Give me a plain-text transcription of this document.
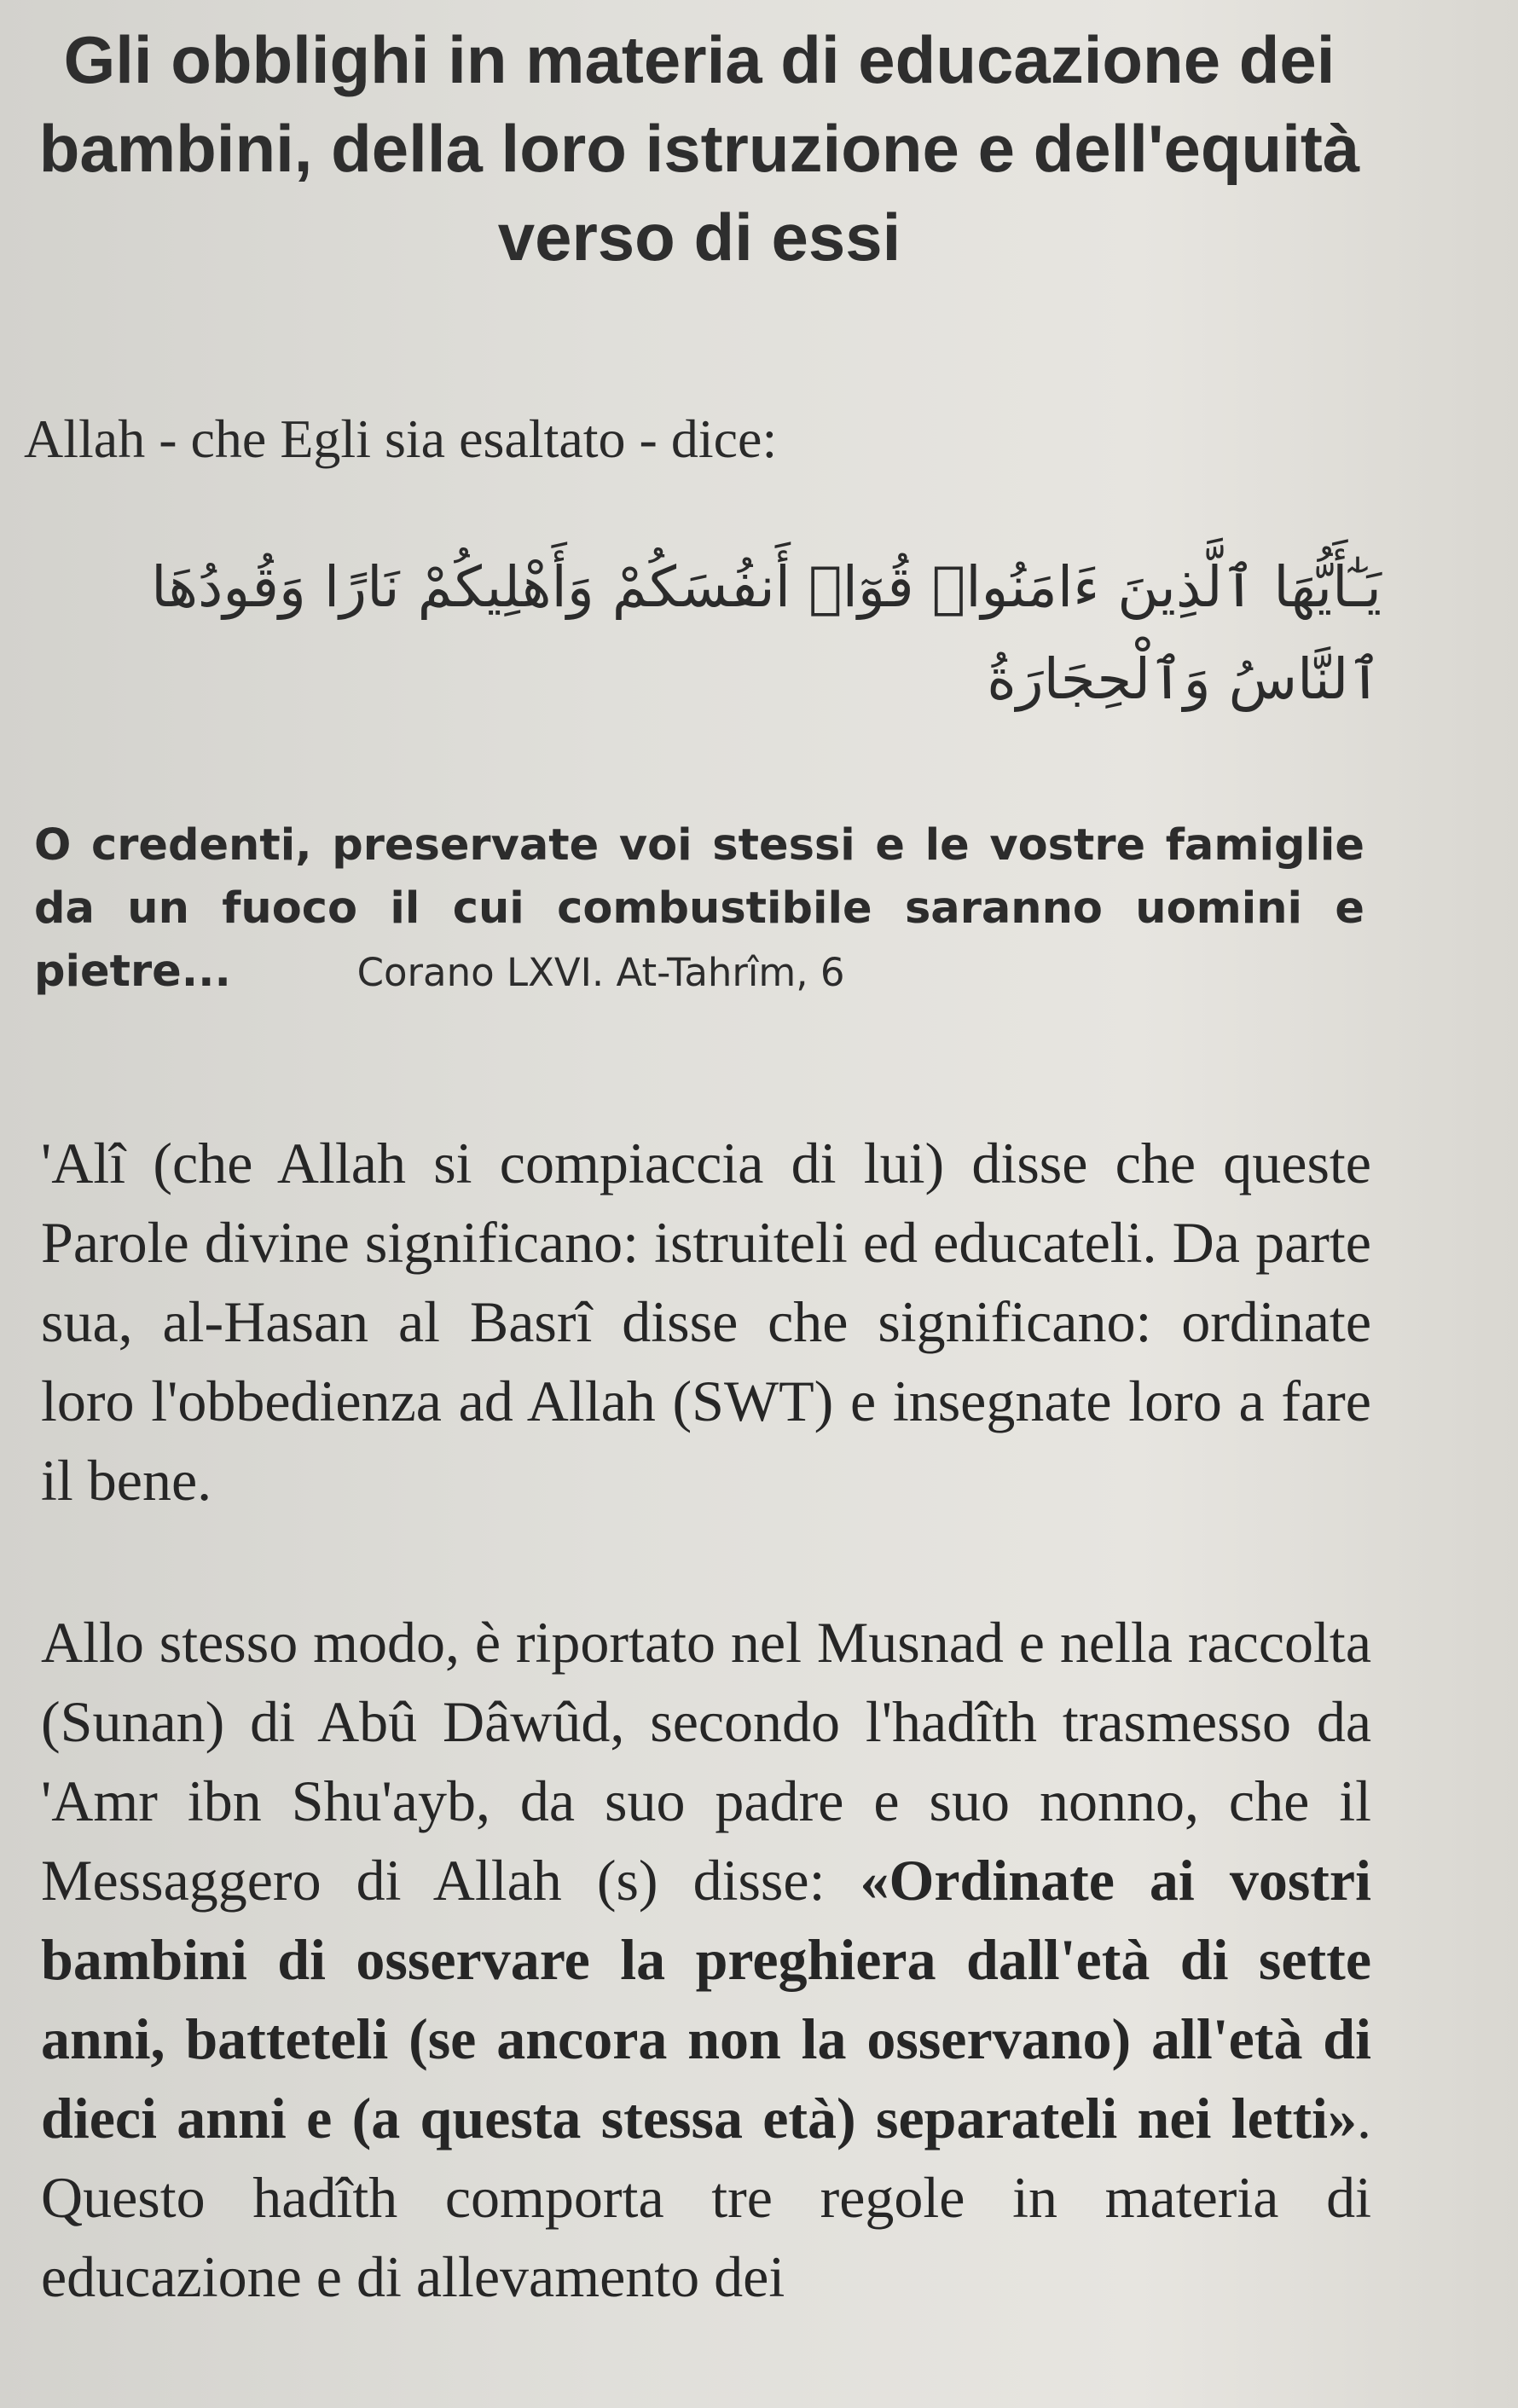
Gli obblighi in materia di educazione dei bambini, della loro istruzione e dell'equità verso di essi
Allah - che Egli sia esaltato - dice:
يَـٰٓأَيُّهَا ٱلَّذِينَ ءَامَنُوا۟ قُوٓا۟ أَنفُسَكُمْ وَأَهْلِيكُمْ نَارًا وَقُودُهَا ٱلنَّاسُ وَٱلْحِجَارَةُ
O credenti, preservate voi stessi e le vostre famiglie da un fuoco il cui combustibile saranno uomini e pietre...	Corano LXVI. At-Tahrîm, 6

'Alî (che Allah si compiaccia di lui) disse che queste Parole divine significano: istruiteli ed educateli. Da parte sua, al-Hasan al Basrî disse che significano: ordinate loro l'obbedienza ad Allah (SWT) e insegnate loro a fare il bene.

Allo stesso modo, è riportato nel Musnad e nella raccolta (Sunan) di Abû Dâwûd, secondo l'hadîth trasmesso da 'Amr ibn Shu'ayb, da suo padre e suo nonno, che il Messaggero di Allah (s) disse: «Ordinate ai vostri bambini di osservare la preghiera dall'età di sette anni, batteteli (se ancora non la osservano) all'età di dieci anni e (a questa stessa età) separateli nei letti». Questo hadîth comporta tre regole in materia di educazione e di allevamento dei
